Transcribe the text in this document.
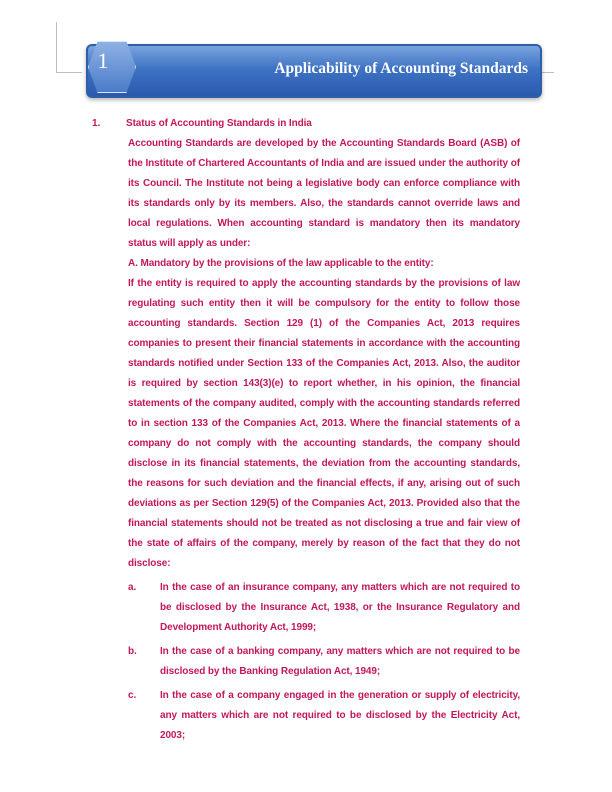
1	Applicability of Accounting Standards
1.	Status of Accounting Standards in India
Accounting Standards are developed by the Accounting Standards Board (ASB) of the Institute of Chartered Accountants of India and are issued under the authority of its Council. The Institute not being a legislative body can enforce compliance with its standards only by its members. Also, the standards cannot override laws and local regulations. When accounting standard is mandatory then its mandatory status will apply as under:
A. Mandatory by the provisions of the law applicable to the entity:
If the entity is required to apply the accounting standards by the provisions of law regulating such entity then it will be compulsory for the entity to follow those accounting standards. Section 129 (1) of the Companies Act, 2013 requires companies to present their financial statements in accordance with the accounting standards notified under Section 133 of the Companies Act, 2013. Also, the auditor is required by section 143(3)(e) to report whether, in his opinion, the financial statements of the company audited, comply with the accounting standards referred to in section 133 of the Companies Act, 2013. Where the financial statements of a company do not comply with the accounting standards, the company should disclose in its financial statements, the deviation from the accounting standards, the reasons for such deviation and the financial effects, if any, arising out of such deviations as per Section 129(5) of the Companies Act, 2013. Provided also that the financial statements should not be treated as not disclosing a true and fair view of the state of affairs of the company, merely by reason of the fact that they do not disclose:
a.	In the case of an insurance company, any matters which are not required to be disclosed by the Insurance Act, 1938, or the Insurance Regulatory and Development Authority Act, 1999;
b.	In the case of a banking company, any matters which are not required to be disclosed by the Banking Regulation Act, 1949;
c.	In the case of a company engaged in the generation or supply of electricity, any matters which are not required to be disclosed by the Electricity Act, 2003;
